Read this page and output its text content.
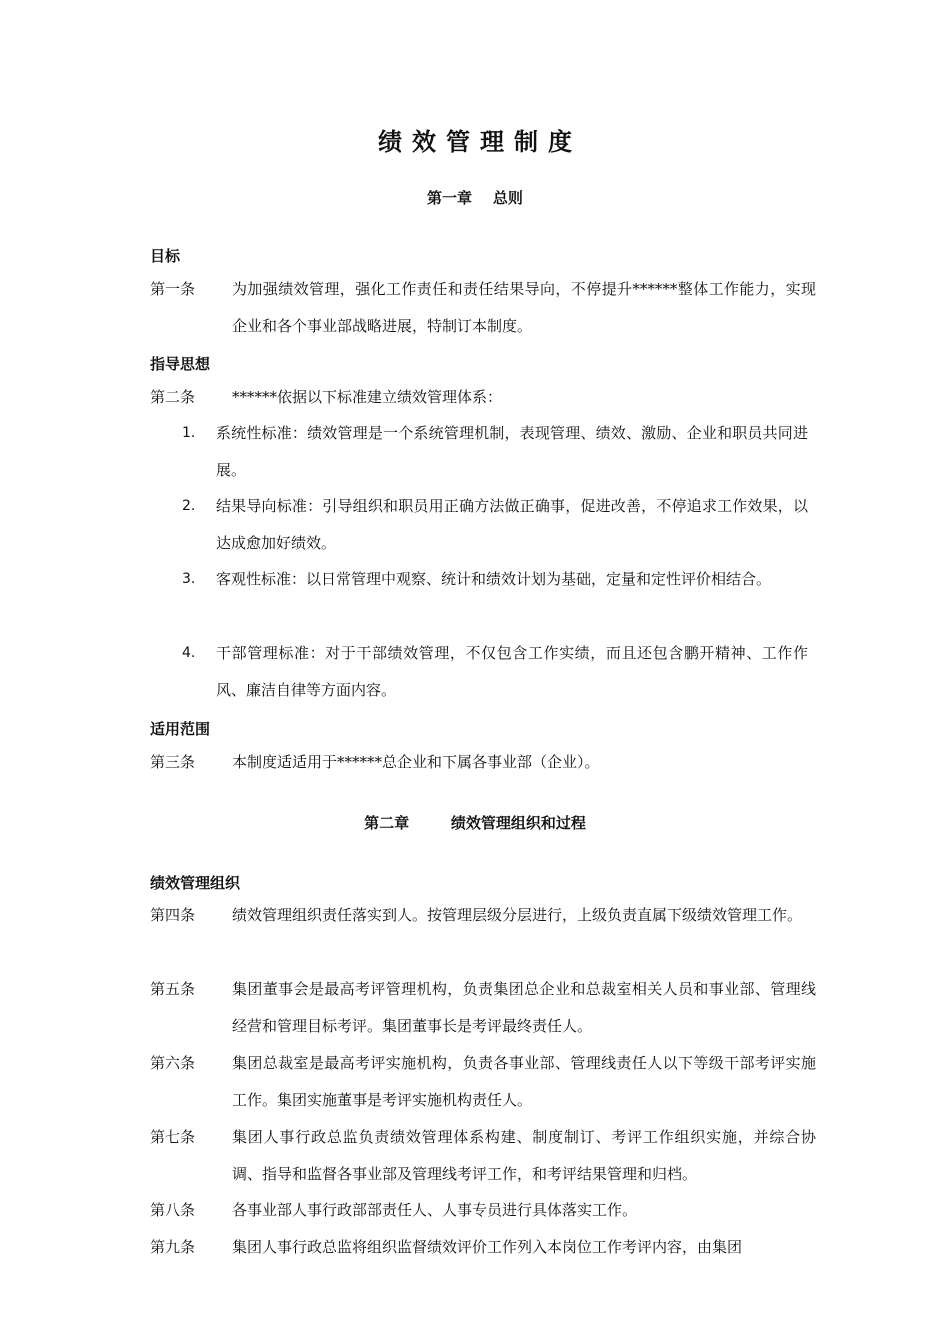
绩效管理制度
第一章    总则
目标
第一条	为加强绩效管理，强化工作责任和责任结果导向，不停提升******整体工作能力，实现企业和各个事业部战略进展，特制订本制度。
指导思想
第二条	******依据以下标准建立绩效管理体系：
1. 系统性标准：绩效管理是一个系统管理机制，表现管理、绩效、激励、企业和职员共同进展。
2. 结果导向标准：引导组织和职员用正确方法做正确事，促进改善，不停追求工作效果，以达成愈加好绩效。
3. 客观性标准：以日常管理中观察、统计和绩效计划为基础，定量和定性评价相结合。
4. 干部管理标准：对于干部绩效管理，不仅包含工作实绩，而且还包含鹏开精神、工作作风、廉洁自律等方面内容。
适用范围
第三条	本制度适适用于******总企业和下属各事业部（企业）。
第二章        绩效管理组织和过程
绩效管理组织
第四条	绩效管理组织责任落实到人。按管理层级分层进行，上级负责直属下级绩效管理工作。
第五条	集团董事会是最高考评管理机构，负责集团总企业和总裁室相关人员和事业部、管理线经营和管理目标考评。集团董事长是考评最终责任人。
第六条	集团总裁室是最高考评实施机构，负责各事业部、管理线责任人以下等级干部考评实施工作。集团实施董事是考评实施机构责任人。
第七条	集团人事行政总监负责绩效管理体系构建、制度制订、考评工作组织实施，并综合协调、指导和监督各事业部及管理线考评工作，和考评结果管理和归档。
第八条	各事业部人事行政部部责任人、人事专员进行具体落实工作。
第九条	集团人事行政总监将组织监督绩效评价工作列入本岗位工作考评内容，由集团
